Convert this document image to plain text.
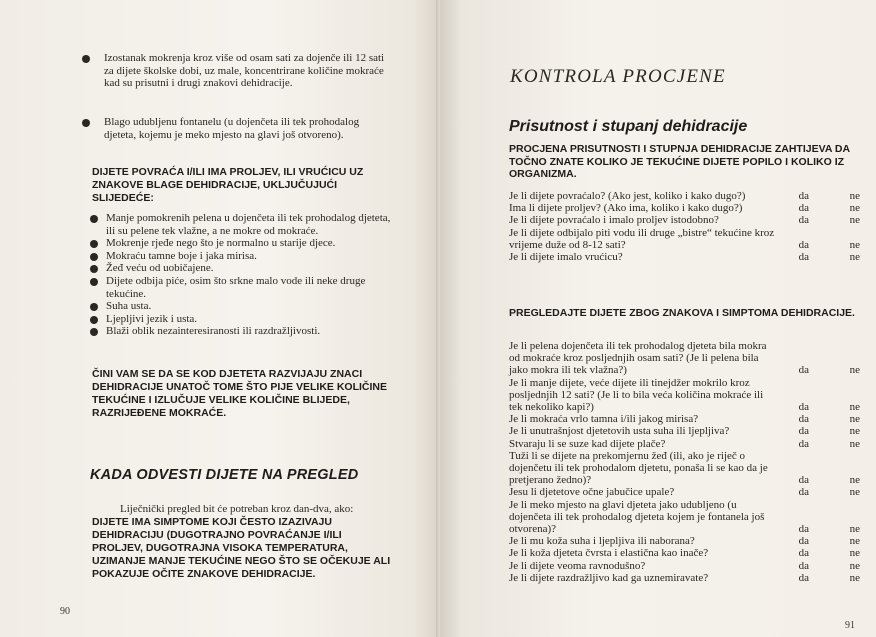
Izostanak mokrenja kroz više od osam sati za dojenče ili 12 sati za dijete školske dobi, uz male, koncentrirane količine mokraće kad su prisutni i drugi znakovi dehidracije.
Blago udubljenu fontanelu (u dojenčeta ili tek prohodalog djeteta, kojemu je meko mjesto na glavi još otvoreno).
DIJETE POVRAĆA I/ILI IMA PROLJEV, ILI VRUĆICU UZ ZNAKOVE BLAGE DEHIDRACIJE, UKLJUČUJUĆI SLIJEDEĆE:
Manje pomokrenih pelena u dojenčeta ili tek prohodalog djeteta, ili su pelene tek vlažne, a ne mokre od mokraće.
Mokrenje rjeđe nego što je normalno u starije djece.
Mokraću tamne boje i jaka mirisa.
Žeđ veću od uobičajene.
Dijete odbija piće, osim što srkne malo vode ili neke druge tekućine.
Suha usta.
Ljepljivi jezik i usta.
Blaži oblik nezainteresiranosti ili razdražljivosti.
ČINI VAM SE DA SE KOD DJETETA RAZVIJAJU ZNACI DEHIDRACIJE UNATOČ TOME ŠTO PIJE VELIKE KOLIČINE TEKUĆINE I IZLUČUJE VELIKE KOLIČINE BLIJEDE, RAZRIJEĐENE MOKRAĆE.
KADA ODVESTI DIJETE NA PREGLED
Liječnički pregled bit će potreban kroz dan-dva, ako:
DIJETE IMA SIMPTOME KOJI ČESTO IZAZIVAJU DEHIDRACIJU (DUGOTRAJNO POVRAĆANJE I/ILI PROLJEV, DUGOTRAJNA VISOKA TEMPERATURA, UZIMANJE MANJE TEKUĆINE NEGO ŠTO SE OČEKUJE ALI POKAZUJE OČITE ZNAKOVE DEHIDRACIJE.
90
KONTROLA PROCJENE
Prisutnost i stupanj dehidracije
PROCJENA PRISUTNOSTI I STUPNJA DEHIDRACIJE ZAHTIJEVA DA TOČNO ZNATE KOLIKO JE TEKUĆINE DIJETE POPILO I KOLIKO IZ ORGANIZMA.
Je li dijete povraćalo? (Ako jest, koliko i kako dugo?)	da	ne
Ima li dijete proljev? (Ako ima, koliko i kako dugo?)	da	ne
Je li dijete povraćalo i imalo proljev istodobno?	da	ne
Je li dijete odbijalo piti vodu ili druge „bistre“ tekućine kroz vrijeme duže od 8-12 sati?	da	ne
Je li dijete imalo vrućicu?	da	ne
PREGLEDAJTE DIJETE ZBOG ZNAKOVA I SIMPTOMA DEHIDRACIJE.
Je li pelena dojenčeta ili tek prohodalog djeteta bila mokra od mokraće kroz posljednjih osam sati? (Je li pelena bila jako mokra ili tek vlažna?)	da	ne
Je li manje dijete, veće dijete ili tinejdžer mokrilo kroz posljednjih 12 sati? (Je li to bila veća količina mokraće ili tek nekoliko kapi?)	da	ne
Je li mokraća vrlo tamna i/ili jakog mirisa?	da	ne
Je li unutrašnjost djetetovih usta suha ili ljepljiva?	da	ne
Stvaraju li se suze kad dijete plače?	da	ne
Tuži li se dijete na prekomjernu žeđ (ili, ako je riječ o dojenčetu ili tek prohodalom djetetu, ponaša li se kao da je pretjerano žedno)?	da	ne
Jesu li djetetove očne jabučice upale?	da	ne
Je li meko mjesto na glavi djeteta jako udubljeno (u dojenčeta ili tek prohodalog djeteta kojem je fontanela još otvorena)?	da	ne
Je li mu koža suha i ljepljiva ili naborana?	da	ne
Je li koža djeteta čvrsta i elastična kao inače?	da	ne
Je li dijete veoma ravnodušno?	da	ne
Je li dijete razdražljivo kad ga uznemiravate?	da	ne
91
